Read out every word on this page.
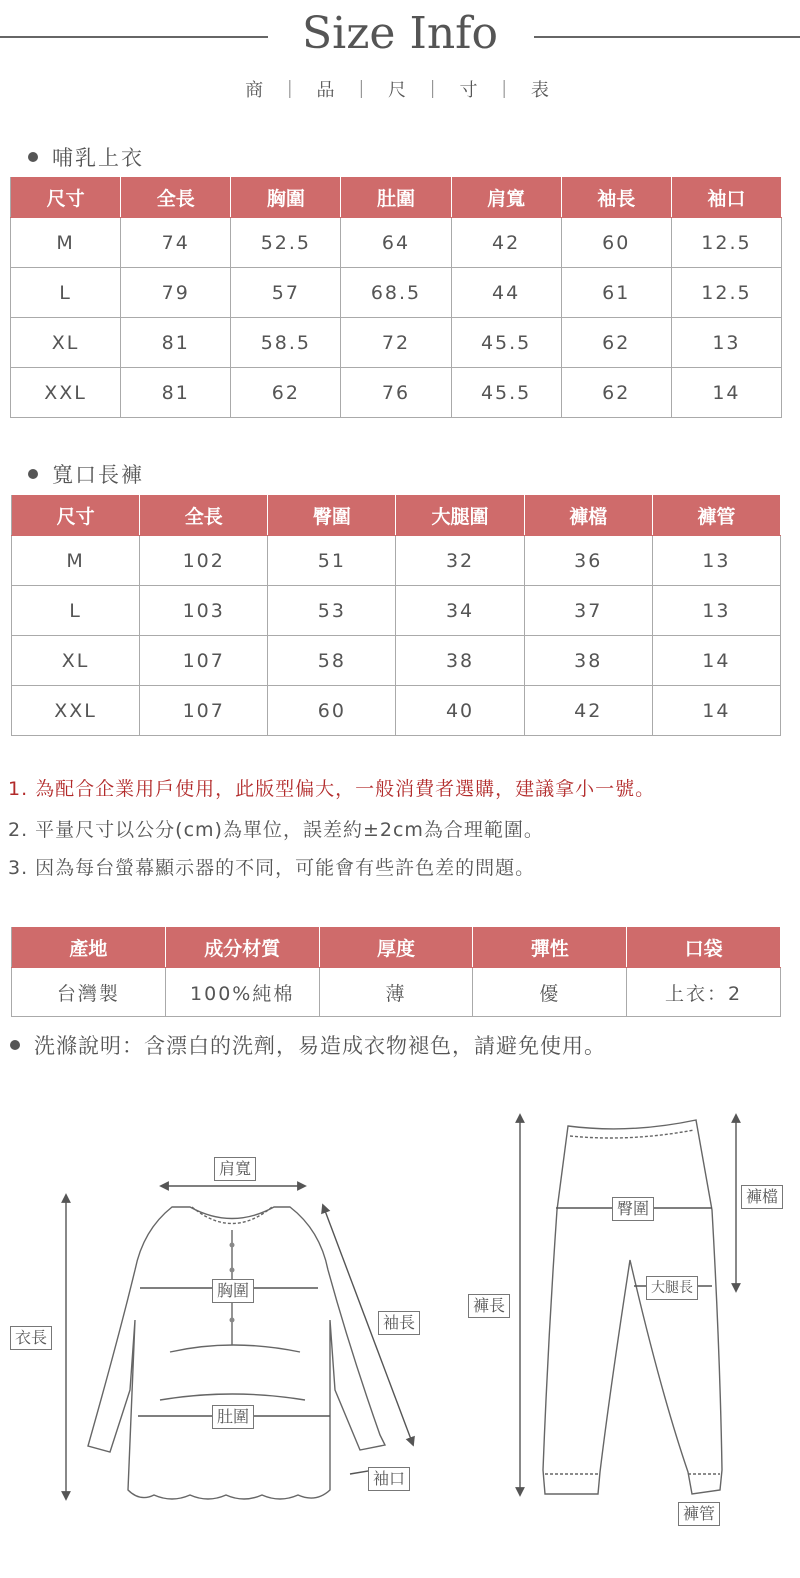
Size Info
商 ｜ 品 ｜ 尺 ｜ 寸 ｜ 表
哺乳上衣
尺寸	全長	胸圍	肚圍	肩寬	袖長	袖口
M	74	52.5	64	42	60	12.5
L	79	57	68.5	44	61	12.5
XL	81	58.5	72	45.5	62	13
XXL	81	62	76	45.5	62	14
寬口長褲
尺寸	全長	臀圍	大腿圍	褲檔	褲管
M	102	51	32	36	13
L	103	53	34	37	13
XL	107	58	38	38	14
XXL	107	60	40	42	14
1. 為配合企業用戶使用，此版型偏大，一般消費者選購，建議拿小一號。
2. 平量尺寸以公分(cm)為單位，誤差約±2cm為合理範圍。
3. 因為每台螢幕顯示器的不同，可能會有些許色差的問題。
產地	成分材質	厚度	彈性	口袋
台灣製	100%純棉	薄	優	上衣：2
洗滌說明：含漂白的洗劑，易造成衣物褪色，請避免使用。
肩寬
胸圍
袖長
衣長
肚圍
袖口
臀圍
褲檔
大腿長
褲長
褲管
